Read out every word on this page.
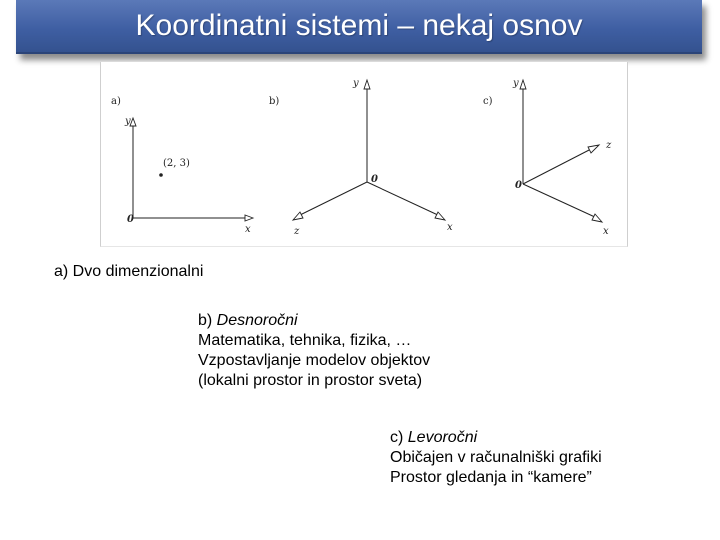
Koordinatni sistemi – nekaj osnov
a)
y
x
0
(2, 3)
b)
y
x
z
0
c)
y
x
z
0
a) Dvo dimenzionalni
b) Desnoročni
Matematika, tehnika, fizika, …
Vzpostavljanje modelov objektov
(lokalni prostor in prostor sveta)
c) Levoročni
Običajen v računalniški grafiki
Prostor gledanja in “kamere”
